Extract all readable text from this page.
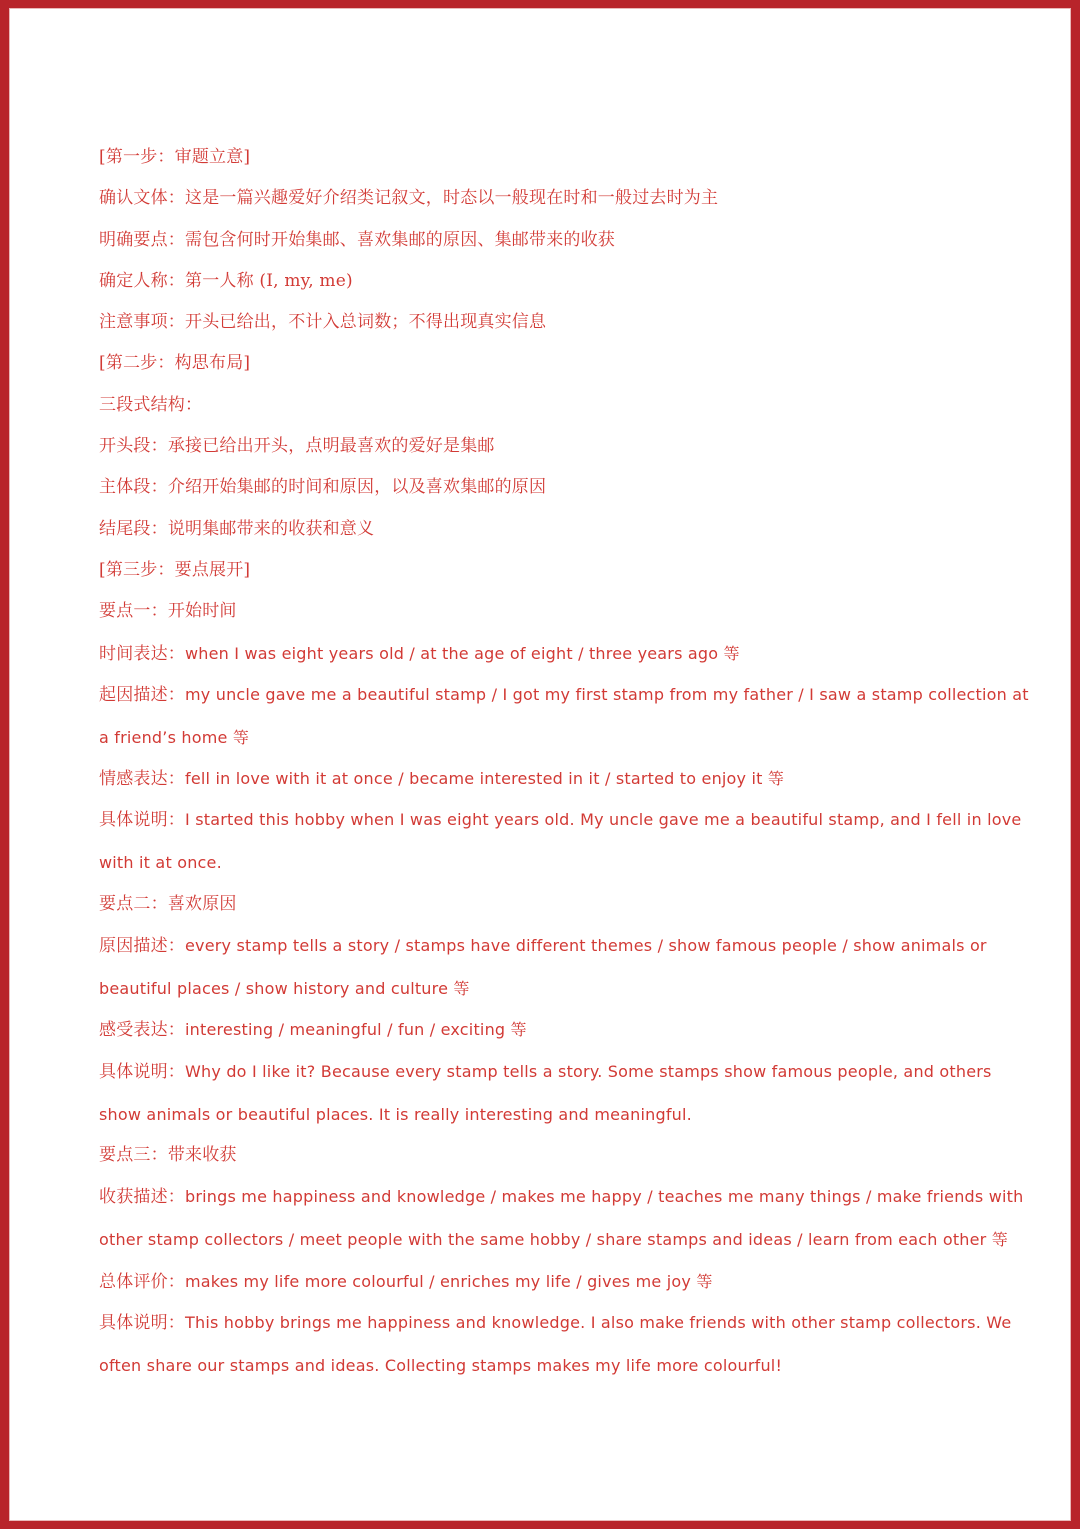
[第一步：审题立意]
确认文体：这是一篇兴趣爱好介绍类记叙文，时态以一般现在时和一般过去时为主
明确要点：需包含何时开始集邮、喜欢集邮的原因、集邮带来的收获
确定人称：第一人称 (I, my, me)
注意事项：开头已给出，不计入总词数；不得出现真实信息
[第二步：构思布局]
三段式结构：
开头段：承接已给出开头，点明最喜欢的爱好是集邮
主体段：介绍开始集邮的时间和原因，以及喜欢集邮的原因
结尾段：说明集邮带来的收获和意义
[第三步：要点展开]
要点一：开始时间
时间表达：when I was eight years old / at the age of eight / three years ago 等
起因描述：my uncle gave me a beautiful stamp / I got my first stamp from my father / I saw a stamp collection at
a friend’s home 等
情感表达：fell in love with it at once / became interested in it / started to enjoy it 等
具体说明：I started this hobby when I was eight years old. My uncle gave me a beautiful stamp, and I fell in love
with it at once.
要点二：喜欢原因
原因描述：every stamp tells a story / stamps have different themes / show famous people / show animals or
beautiful places / show history and culture 等
感受表达：interesting / meaningful / fun / exciting 等
具体说明：Why do I like it? Because every stamp tells a story. Some stamps show famous people, and others
show animals or beautiful places. It is really interesting and meaningful.
要点三：带来收获
收获描述：brings me happiness and knowledge / makes me happy / teaches me many things / make friends with
other stamp collectors / meet people with the same hobby / share stamps and ideas / learn from each other 等
总体评价：makes my life more colourful / enriches my life / gives me joy 等
具体说明：This hobby brings me happiness and knowledge. I also make friends with other stamp collectors. We
often share our stamps and ideas. Collecting stamps makes my life more colourful!
